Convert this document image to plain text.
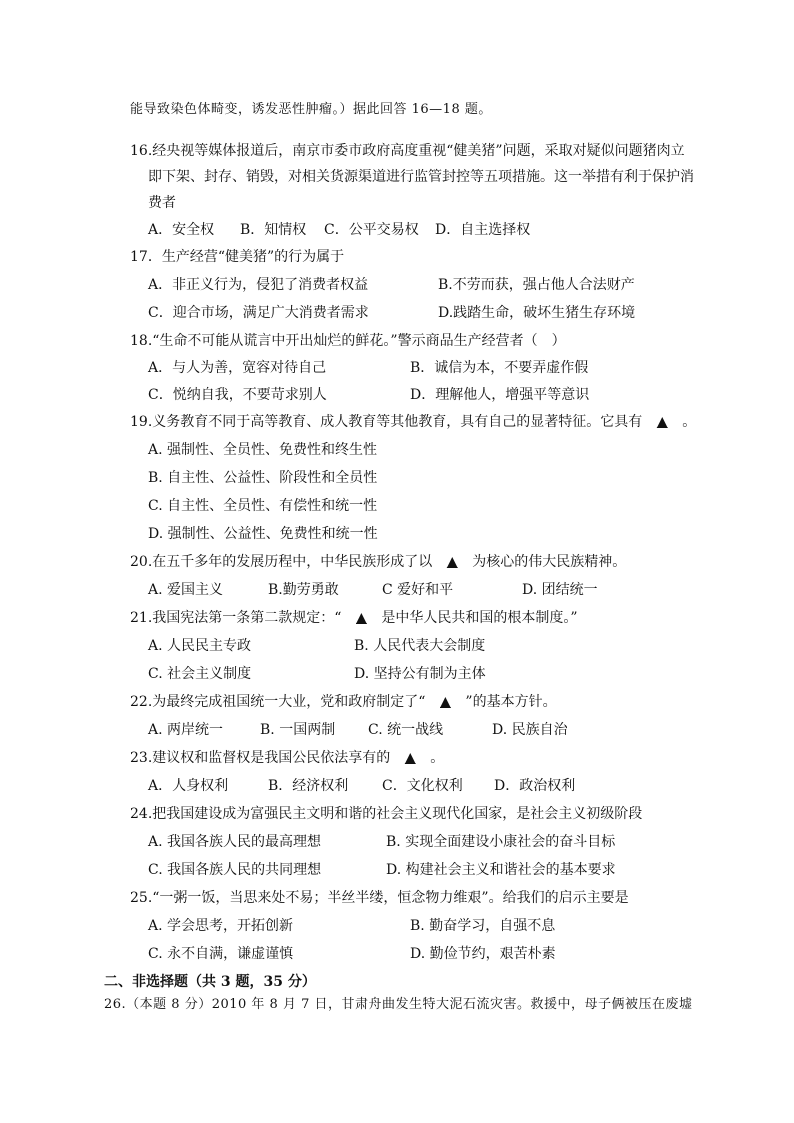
能导致染色体畸变，诱发恶性肿瘤。）据此回答 16—18 题。
16.经央视等媒体报道后，南京市委市政府高度重视“健美猪”问题，采取对疑似问题猪肉立
即下架、封存、销毁，对相关货源渠道进行监管封控等五项措施。这一举措有利于保护消
费者
A．安全权 B．知情权 C．公平交易权 D．自主选择权
17．生产经营“健美猪”的行为属于
A．非正义行为，侵犯了消费者权益	B.不劳而获，强占他人合法财产
C．迎合市场，满足广大消费者需求	D.践踏生命，破坏生猪生存环境
18.“生命不可能从谎言中开出灿烂的鲜花。”警示商品生产经营者（　）
A．与人为善，宽容对待自己	B．诚信为本，不要弄虚作假
C．悦纳自我，不要苛求别人	D．理解他人，增强平等意识
19.义务教育不同于高等教育、成人教育等其他教育，具有自己的显著特征。它具有 ▲ 。
A. 强制性、全员性、免费性和终生性
B. 自主性、公益性、阶段性和全员性
C. 自主性、全员性、有偿性和统一性
D. 强制性、公益性、免费性和统一性
20.在五千多年的发展历程中，中华民族形成了以 ▲ 为核心的伟大民族精神。
A. 爱国主义	B.勤劳勇敢	C 爱好和平	D. 团结统一
21.我国宪法第一条第二款规定：“ ▲ 是中华人民共和国的根本制度。”
A. 人民民主专政	B. 人民代表大会制度
C. 社会主义制度	D. 坚持公有制为主体
22.为最终完成祖国统一大业，党和政府制定了“ ▲ ”的基本方针。
A. 两岸统一	B. 一国两制 C. 统一战线	D. 民族自治
23.建议权和监督权是我国公民依法享有的 ▲ 。
A．人身权利	B．经济权利 C．文化权利 D．政治权利
24.把我国建设成为富强民主文明和谐的社会主义现代化国家，是社会主义初级阶段
A. 我国各族人民的最高理想	B. 实现全面建设小康社会的奋斗目标
C. 我国各族人民的共同理想	D. 构建社会主义和谐社会的基本要求
25.“一粥一饭，当思来处不易；半丝半缕，恒念物力维艰”。给我们的启示主要是
A. 学会思考，开拓创新	B. 勤奋学习，自强不息
C. 永不自满，谦虚谨慎	D. 勤俭节约，艰苦朴素
二、非选择题（共 3 题，35 分）
26.（本题 8 分）2010 年 8 月 7 日，甘肃舟曲发生特大泥石流灾害。救援中，母子俩被压在废墟
